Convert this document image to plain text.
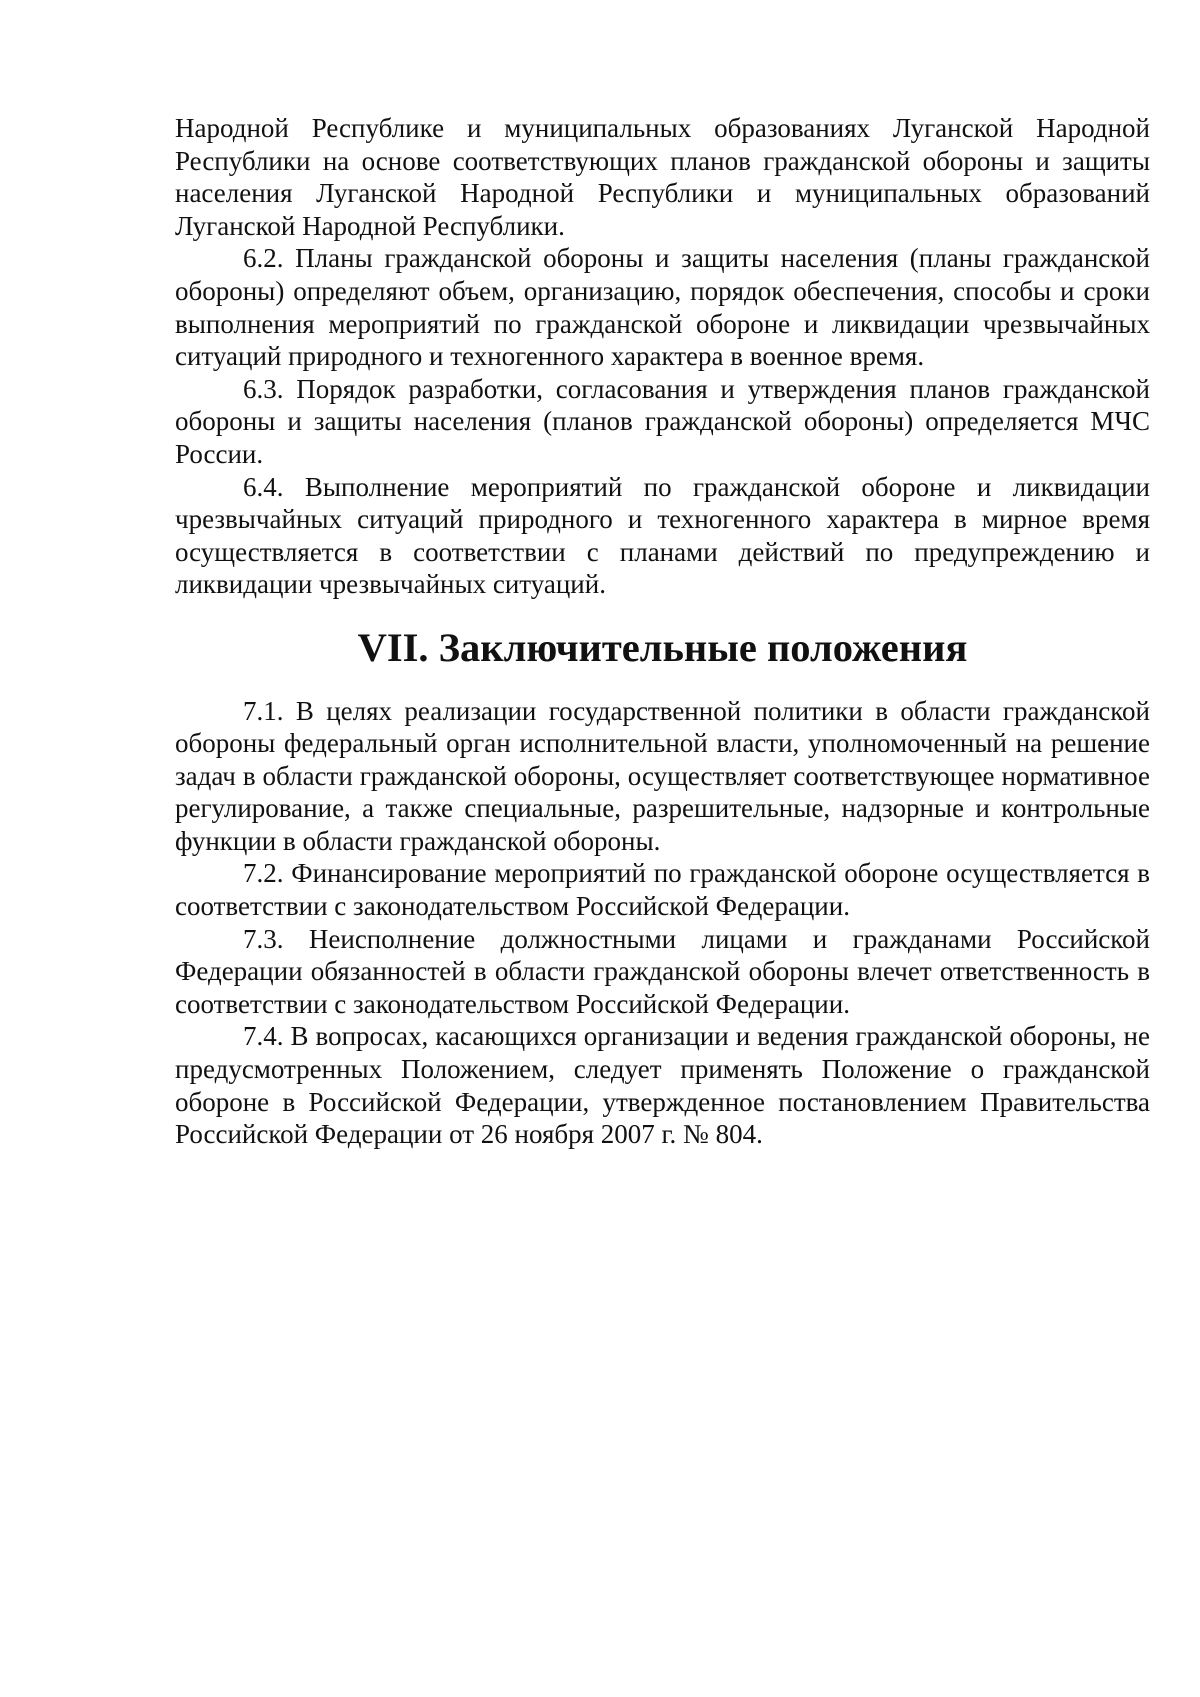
Народной Республике и муниципальных образованиях Луганской Народной Республики на основе соответствующих планов гражданской обороны и защиты населения Луганской Народной Республики и муниципальных образований Луганской Народной Республики.

6.2. Планы гражданской обороны и защиты населения (планы гражданской обороны) определяют объем, организацию, порядок обеспечения, способы и сроки выполнения мероприятий по гражданской обороне и ликвидации чрезвычайных ситуаций природного и техногенного характера в военное время.

6.3. Порядок разработки, согласования и утверждения планов гражданской обороны и защиты населения (планов гражданской обороны) определяется МЧС России.

6.4. Выполнение мероприятий по гражданской обороне и ликвидации чрезвычайных ситуаций природного и техногенного характера в мирное время осуществляется в соответствии с планами действий по предупреждению и ликвидации чрезвычайных ситуаций.

VII. Заключительные положения

7.1. В целях реализации государственной политики в области гражданской обороны федеральный орган исполнительной власти, уполномоченный на решение задач в области гражданской обороны, осуществляет соответствующее нормативное регулирование, а также специальные, разрешительные, надзорные и контрольные функции в области гражданской обороны.

7.2. Финансирование мероприятий по гражданской обороне осуществляется в соответствии с законодательством Российской Федерации.

7.3. Неисполнение должностными лицами и гражданами Российской Федерации обязанностей в области гражданской обороны влечет ответственность в соответствии с законодательством Российской Федерации.

7.4. В вопросах, касающихся организации и ведения гражданской обороны, не предусмотренных Положением, следует применять Положение о гражданской обороне в Российской Федерации, утвержденное постановлением Правительства Российской Федерации от 26 ноября 2007 г. № 804.
